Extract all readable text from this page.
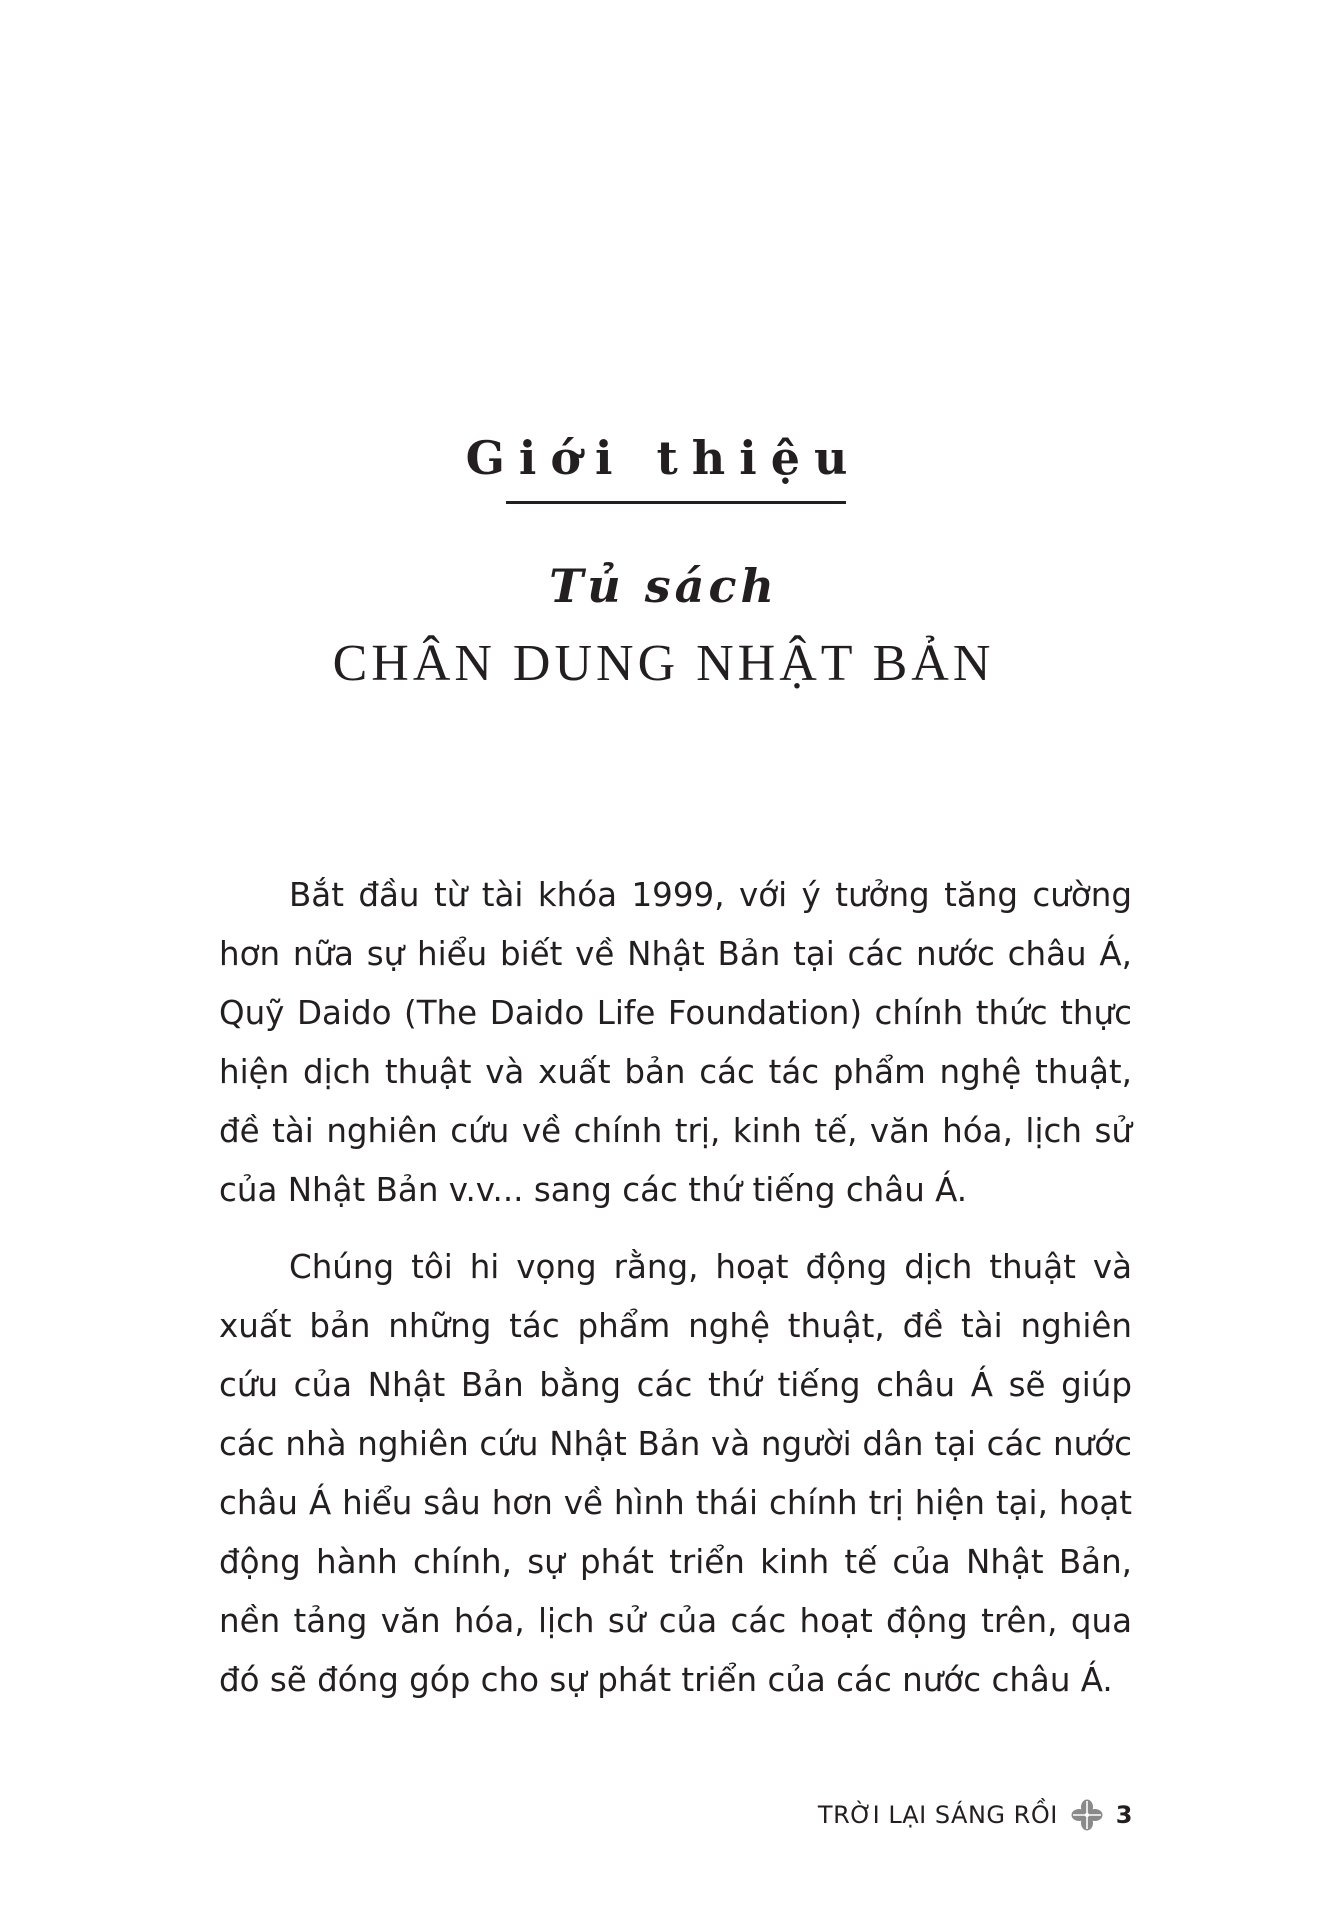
Giới thiệu
Tủ sách
CHÂN DUNG NHẬT BẢN

Bắt đầu từ tài khóa 1999, với ý tưởng tăng cường hơn nữa sự hiểu biết về Nhật Bản tại các nước châu Á, Quỹ Daido (The Daido Life Foundation) chính thức thực hiện dịch thuật và xuất bản các tác phẩm nghệ thuật, đề tài nghiên cứu về chính trị, kinh tế, văn hóa, lịch sử của Nhật Bản v.v... sang các thứ tiếng châu Á.

Chúng tôi hi vọng rằng, hoạt động dịch thuật và xuất bản những tác phẩm nghệ thuật, đề tài nghiên cứu của Nhật Bản bằng các thứ tiếng châu Á sẽ giúp các nhà nghiên cứu Nhật Bản và người dân tại các nước châu Á hiểu sâu hơn về hình thái chính trị hiện tại, hoạt động hành chính, sự phát triển kinh tế của Nhật Bản, nền tảng văn hóa, lịch sử của các hoạt động trên, qua đó sẽ đóng góp cho sự phát triển của các nước châu Á.

TRỜI LẠI SÁNG RỒI 3
